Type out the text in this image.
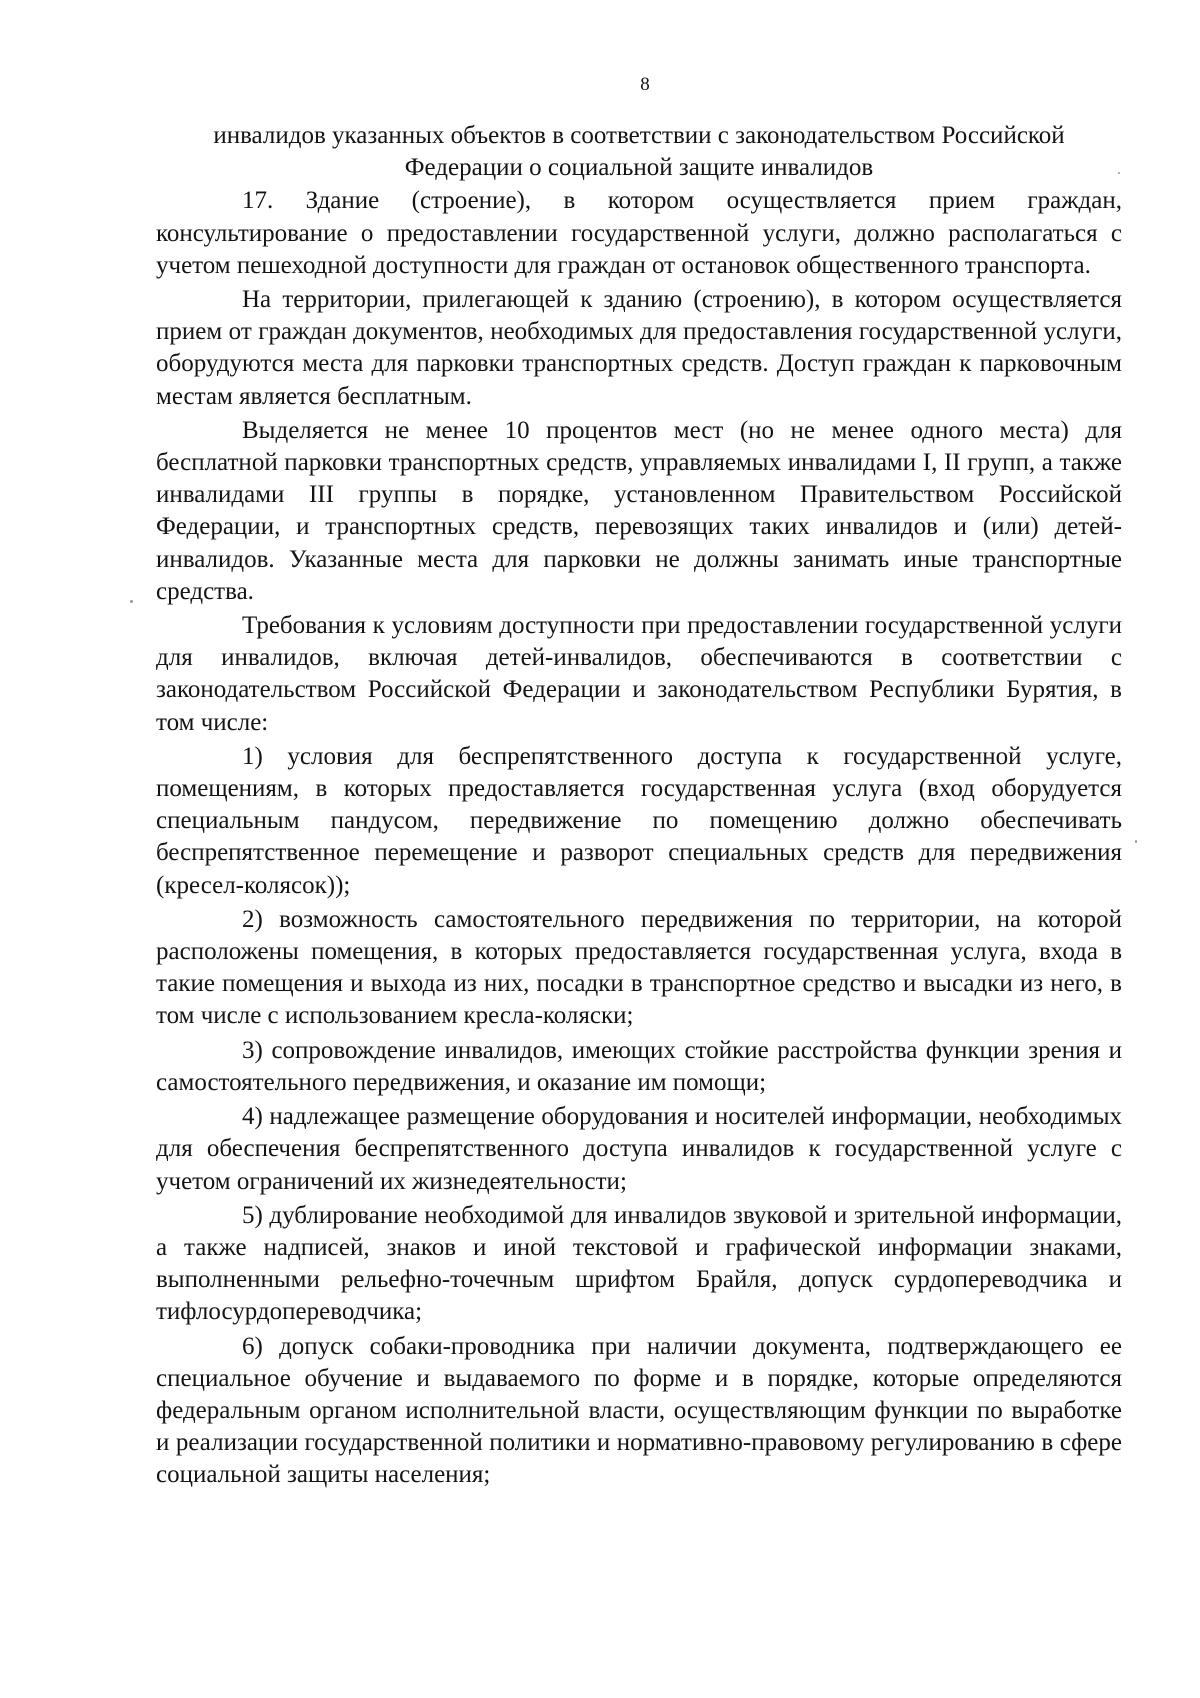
8

инвалидов указанных объектов в соответствии с законодательством Российской Федерации о социальной защите инвалидов

17. Здание (строение), в котором осуществляется прием граждан, консультирование о предоставлении государственной услуги, должно располагаться с учетом пешеходной доступности для граждан от остановок общественного транспорта.

На территории, прилегающей к зданию (строению), в котором осуществляется прием от граждан документов, необходимых для предоставления государственной услуги, оборудуются места для парковки транспортных средств. Доступ граждан к парковочным местам является бесплатным.

Выделяется не менее 10 процентов мест (но не менее одного места) для бесплатной парковки транспортных средств, управляемых инвалидами I, II групп, а также инвалидами III группы в порядке, установленном Правительством Российской Федерации, и транспортных средств, перевозящих таких инвалидов и (или) детей-инвалидов. Указанные места для парковки не должны занимать иные транспортные средства.

Требования к условиям доступности при предоставлении государственной услуги для инвалидов, включая детей-инвалидов, обеспечиваются в соответствии с законодательством Российской Федерации и законодательством Республики Бурятия, в том числе:

1) условия для беспрепятственного доступа к государственной услуге, помещениям, в которых предоставляется государственная услуга (вход оборудуется специальным пандусом, передвижение по помещению должно обеспечивать беспрепятственное перемещение и разворот специальных средств для передвижения (кресел-колясок));

2) возможность самостоятельного передвижения по территории, на которой расположены помещения, в которых предоставляется государственная услуга, входа в такие помещения и выхода из них, посадки в транспортное средство и высадки из него, в том числе с использованием кресла-коляски;

3) сопровождение инвалидов, имеющих стойкие расстройства функции зрения и самостоятельного передвижения, и оказание им помощи;

4) надлежащее размещение оборудования и носителей информации, необходимых для обеспечения беспрепятственного доступа инвалидов к государственной услуге с учетом ограничений их жизнедеятельности;

5) дублирование необходимой для инвалидов звуковой и зрительной информации, а также надписей, знаков и иной текстовой и графической информации знаками, выполненными рельефно-точечным шрифтом Брайля, допуск сурдопереводчика и тифлосурдопереводчика;

6) допуск собаки-проводника при наличии документа, подтверждающего ее специальное обучение и выдаваемого по форме и в порядке, которые определяются федеральным органом исполнительной власти, осуществляющим функции по выработке и реализации государственной политики и нормативно-правовому регулированию в сфере социальной защиты населения;
